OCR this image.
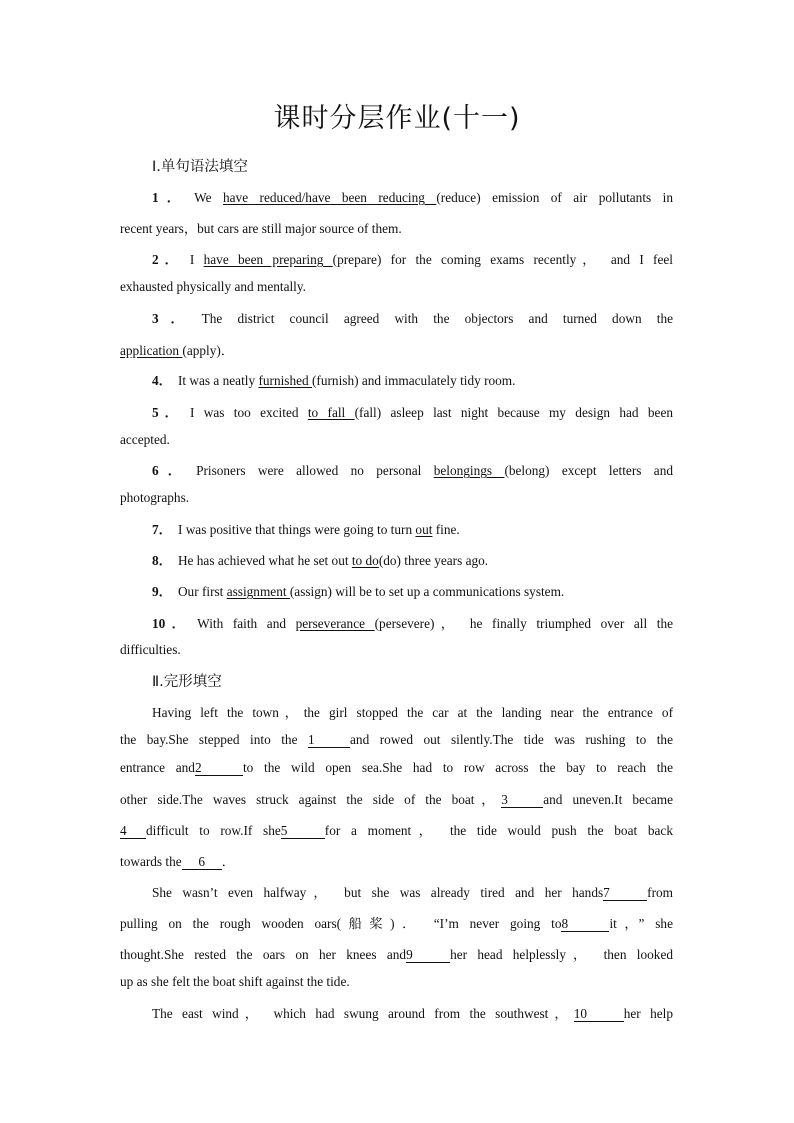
课时分层作业(十一)
Ⅰ.单句语法填空
1． We have reduced/have been reducing (reduce) emission of air pollutants in
recent years，but cars are still major source of them.
2． I have been preparing (prepare) for the coming exams recently， and I feel
exhausted physically and mentally.
3． The district council agreed with the objectors and turned down the
application (apply)．
4． It was a neatly furnished (furnish) and immaculately tidy room.
5． I was too excited to fall (fall) asleep last night because my design had been
accepted.
6． Prisoners were allowed no personal belongings (belong) except letters and
photographs.
7． I was positive that things were going to turn out fine.
8． He has achieved what he set out to do(do) three years ago.
9． Our first assignment (assign) will be to set up a communications system.
10． With faith and perseverance (persevere)， he finally triumphed over all the
difficulties.
Ⅱ.完形填空
Having left the town，the girl stopped the car at the landing near the entrance of
the bay.She stepped into the 1	and rowed out silently.The tide was rushing to the
entrance and2	to the wild open sea.She had to row across the bay to reach the
other side.The waves struck against the side of the boat，3	and uneven.It became
4 difficult to row.If she5	for a moment， the tide would push the boat back
towards the 6 ．
She wasn’t even halfway， but she was already tired and her hands7	from
pulling on the rough wooden oars(船桨)． “I’m never going to8	it，” she
thought.She rested the oars on her knees and9	her head helplessly， then looked
up as she felt the boat shift against the tide.
The east wind， which had swung around from the southwest，10	her help
